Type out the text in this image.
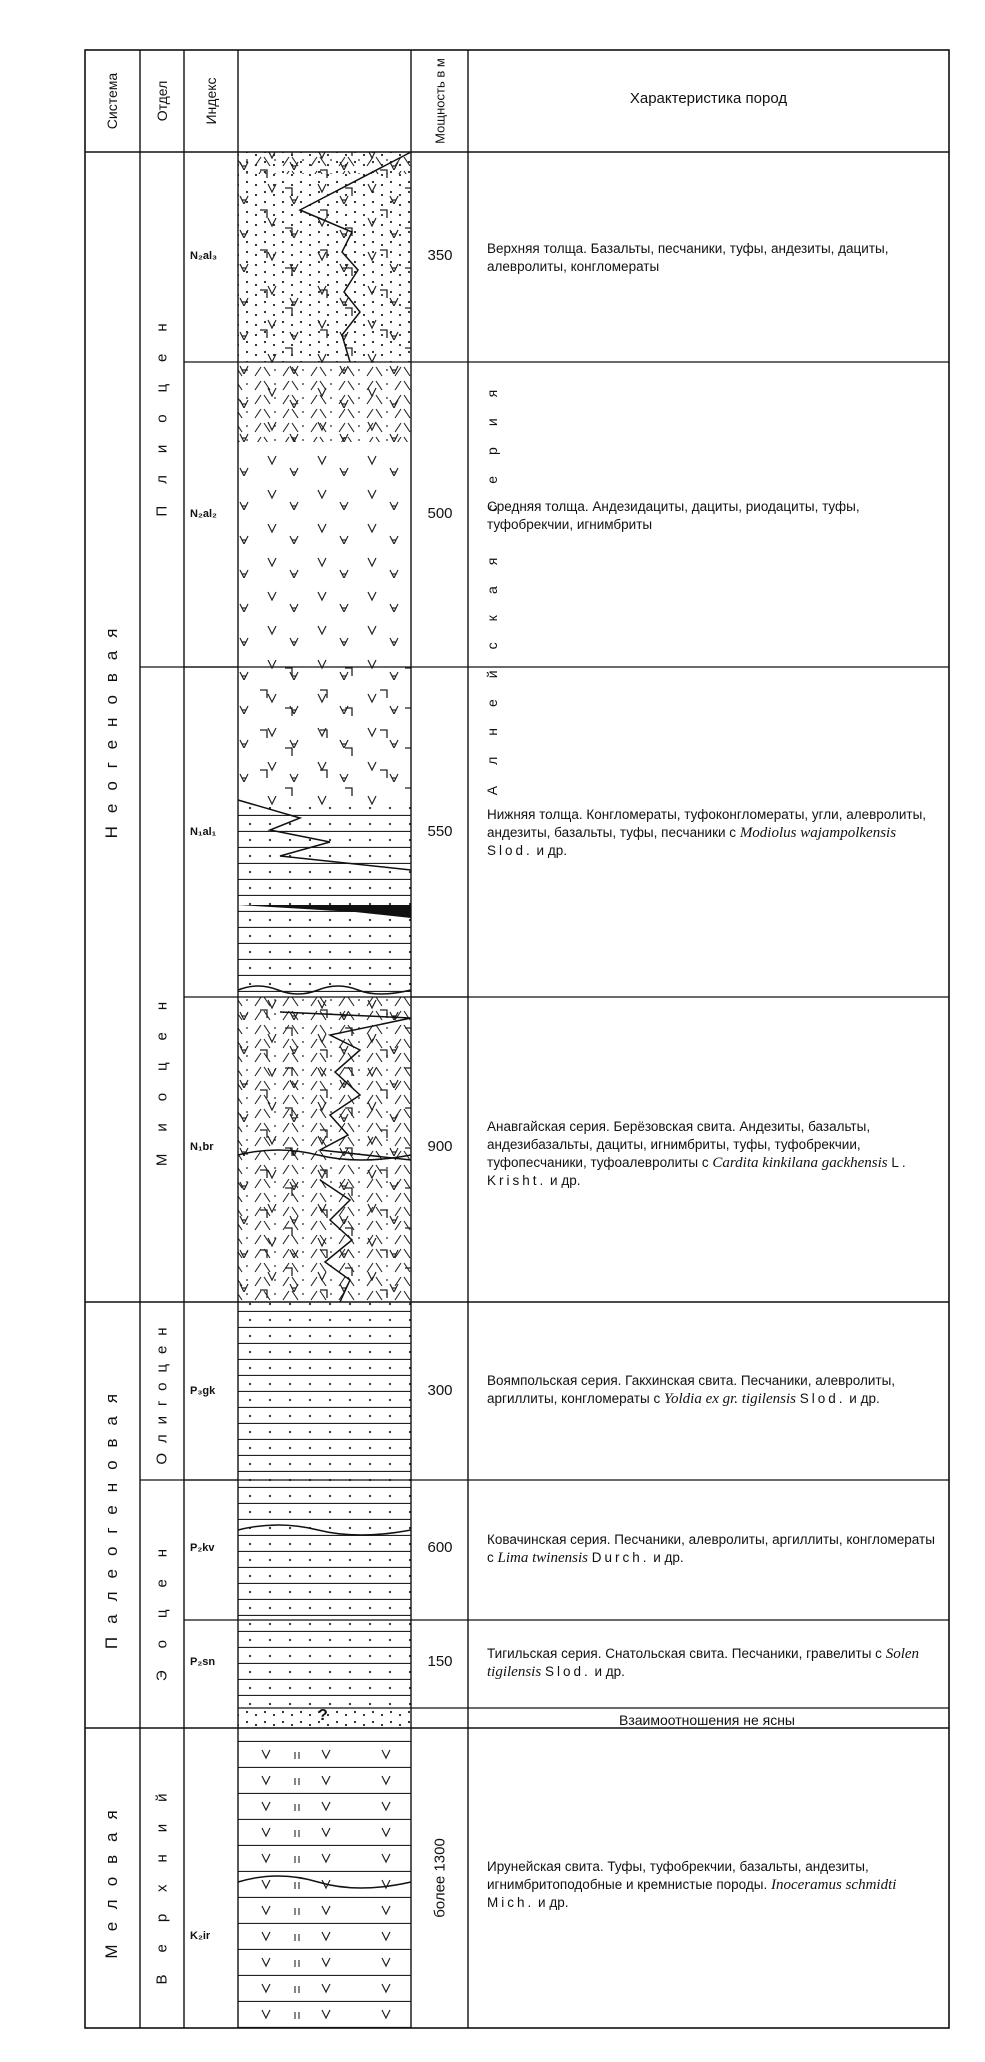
Система Отдел Индекс	Мощность в м	Характеристика пород
Неогеновая
Палеогеновая
Меловая
Плиоцен
Миоцен
Олигоцен
Эоцен
Верхний
Алнейская серия
N₂al₃
N₂al₂
N₁al₁
N₁br
P₃gk
P₂kv
P₂sn
K₂ir
350
500
550
900
300
600
150
более 1300
Верхняя толща. Базальты, песчаники, туфы, андезиты, дациты, алевролиты, конгломераты
Средняя толща. Андезидациты, дациты, риодациты, туфы, туфобрекчии, игнимбриты
Нижняя толща. Конгломераты, туфоконгломераты, угли, алевролиты, андезиты, базальты, туфы, песчаники с Modiolus wajampolkensis Slod. и др.
Анавгайская серия. Берёзовская свита. Андезиты, базальты, андезибазальты, дациты, игнимбриты, туфы, туфобрекчии, туфопесчаники, туфоалевролиты с Cardita kinkilana gackhensis L. Krisht. и др.
Воямпольская серия. Гакхинская свита. Песчаники, алевролиты, аргиллиты, конгломераты с Yoldia ex gr. tigilensis Slod. и др.
Ковачинская серия. Песчаники, алевролиты, аргиллиты, конгломераты с Lima twinensis Durch. и др.
Тигильская серия. Снатольская свита. Песчаники, гравелиты с Solen tigilensis Slod. и др.
Ирунейская свита. Туфы, туфобрекчии, базальты, андезиты, игнимбритоподобные и кремнистые породы. Inoceramus schmidti Mich. и др.
Взаимоотношения не ясны
?
